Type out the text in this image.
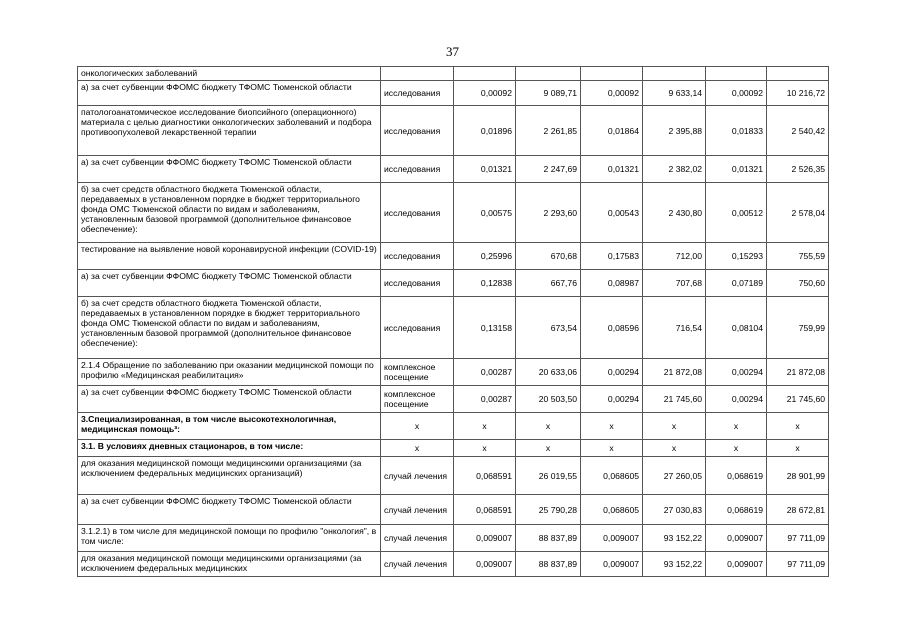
37
онкологических заболеваний							
а) за счет субвенции ФФОМС бюджету ТФОМС Тюменской области	исследования	0,00092	9 089,71	0,00092	9 633,14	0,00092	10 216,72
патологоанатомическое исследование биопсийного (операционного) материала с целью диагностики онкологических заболеваний и подбора противоопухолевой лекарственной терапии	исследования	0,01896	2 261,85	0,01864	2 395,88	0,01833	2 540,42
а) за счет субвенции ФФОМС бюджету ТФОМС Тюменской области	исследования	0,01321	2 247,69	0,01321	2 382,02	0,01321	2 526,35
б) за счет средств областного бюджета Тюменской области, передаваемых в установленном порядке в бюджет территориального фонда ОМС Тюменской области по видам и заболеваниям, установленным базовой программой (дополнительное финансовое обеспечение):	исследования	0,00575	2 293,60	0,00543	2 430,80	0,00512	2 578,04
тестирование на выявление новой коронавирусной инфекции (COVID-19)	исследования	0,25996	670,68	0,17583	712,00	0,15293	755,59
а) за счет субвенции ФФОМС бюджету ТФОМС Тюменской области	исследования	0,12838	667,76	0,08987	707,68	0,07189	750,60
б) за счет средств областного бюджета Тюменской области, передаваемых в установленном порядке в бюджет территориального фонда ОМС Тюменской области по видам и заболеваниям, установленным базовой программой (дополнительное финансовое обеспечение):	исследования	0,13158	673,54	0,08596	716,54	0,08104	759,99
2.1.4 Обращение по заболеванию при оказании медицинской помощи по профилю «Медицинская реабилитация»	комплексное посещение	0,00287	20 633,06	0,00294	21 872,08	0,00294	21 872,08
а) за счет субвенции ФФОМС бюджету ТФОМС Тюменской области	комплексное посещение	0,00287	20 503,50	0,00294	21 745,60	0,00294	21 745,60
3.Специализированная, в том числе высокотехнологичная, медицинская помощь³:	х	х	х	х	х	х	х
3.1. В условиях дневных стационаров, в том числе:	х	х	х	х	х	х	х
для оказания медицинской помощи медицинскими организациями (за исключением федеральных медицинских организаций)	случай лечения	0,068591	26 019,55	0,068605	27 260,05	0,068619	28 901,99
а) за счет субвенции ФФОМС бюджету ТФОМС Тюменской области	случай лечения	0,068591	25 790,28	0,068605	27 030,83	0,068619	28 672,81
3.1.2.1) в том числе для медицинской помощи по профилю "онкология", в том числе:	случай лечения	0,009007	88 837,89	0,009007	93 152,22	0,009007	97 711,09
для оказания медицинской помощи медицинскими организациями (за исключением федеральных медицинских	случай лечения	0,009007	88 837,89	0,009007	93 152,22	0,009007	97 711,09
